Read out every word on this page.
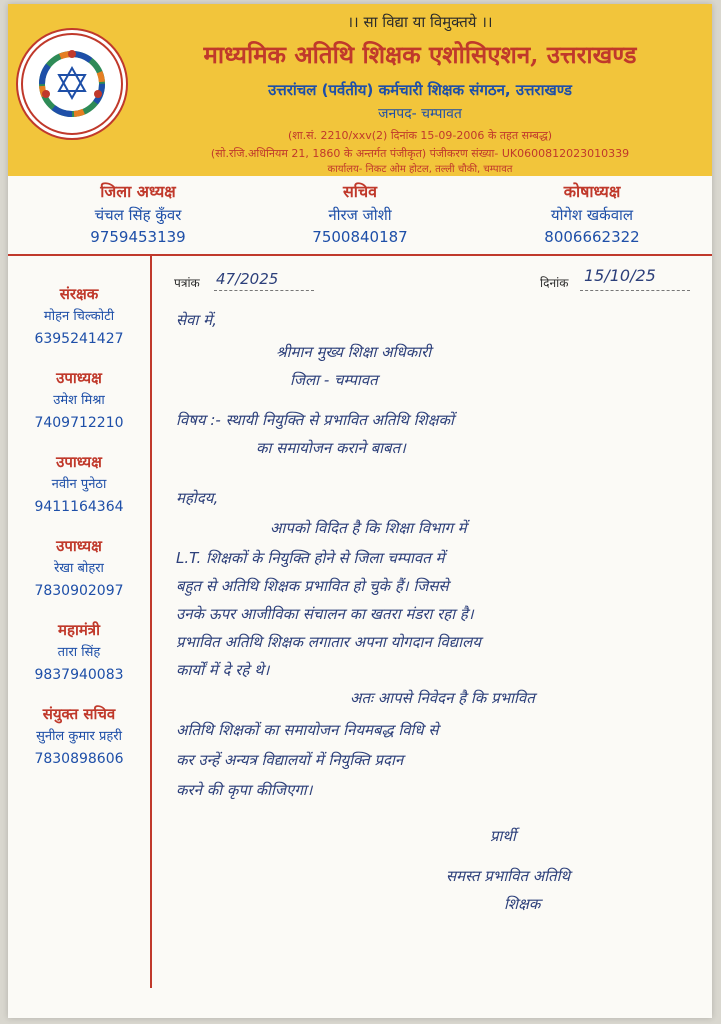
।। सा विद्या या विमुक्तये ।।
माध्यमिक अतिथि शिक्षक एशोसिएशन, उत्तराखण्ड
उत्तरांचल (पर्वतीय) कर्मचारी शिक्षक संगठन, उत्तराखण्ड
जनपद- चम्पावत
(शा.सं. 2210/xxv(2) दिनांक 15-09-2006 के तहत सम्बद्ध)
(सो.रजि.अधिनियम 21, 1860 के अन्तर्गत पंजीकृत) पंजीकरण संख्या- UK0600812023010339
कार्यालय- निकट ओम होटल, तल्ली चौकी, चम्पावत
जिला अध्यक्ष
चंचल सिंह कुँवर
9759453139
सचिव
नीरज जोशी
7500840187
कोषाध्यक्ष
योगेश खर्कवाल
8006662322
संरक्षक
मोहन चिल्कोटी
6395241427
उपाध्यक्ष
उमेश मिश्रा
7409712210
उपाध्यक्ष
नवीन पुनेठा
9411164364
उपाध्यक्ष
रेखा बोहरा
7830902097
महामंत्री
तारा सिंह
9837940083
संयुक्त सचिव
सुनील कुमार प्रहरी
7830898606
पत्रांक 47/2025	दिनांक 15/10/25
सेवा में,
श्रीमान मुख्य शिक्षा अधिकारी
जिला - चम्पावत
विषय :- स्थायी नियुक्ति से प्रभावित अतिथि शिक्षकों
का समायोजन कराने बाबत।
महोदय,
आपको विदित है कि शिक्षा विभाग में
L.T. शिक्षकों के नियुक्ति होने से जिला चम्पावत में
बहुत से अतिथि शिक्षक प्रभावित हो चुके हैं। जिससे
उनके ऊपर आजीविका संचालन का खतरा मंडरा रहा है।
प्रभावित अतिथि शिक्षक लगातार अपना योगदान विद्यालय
कार्यों में दे रहे थे।
अतः आपसे निवेदन है कि प्रभावित
अतिथि शिक्षकों का समायोजन नियमबद्ध विधि से
कर उन्हें अन्यत्र विद्यालयों में नियुक्ति प्रदान
करने की कृपा कीजिएगा।
प्रार्थी
समस्त प्रभावित अतिथि
शिक्षक
